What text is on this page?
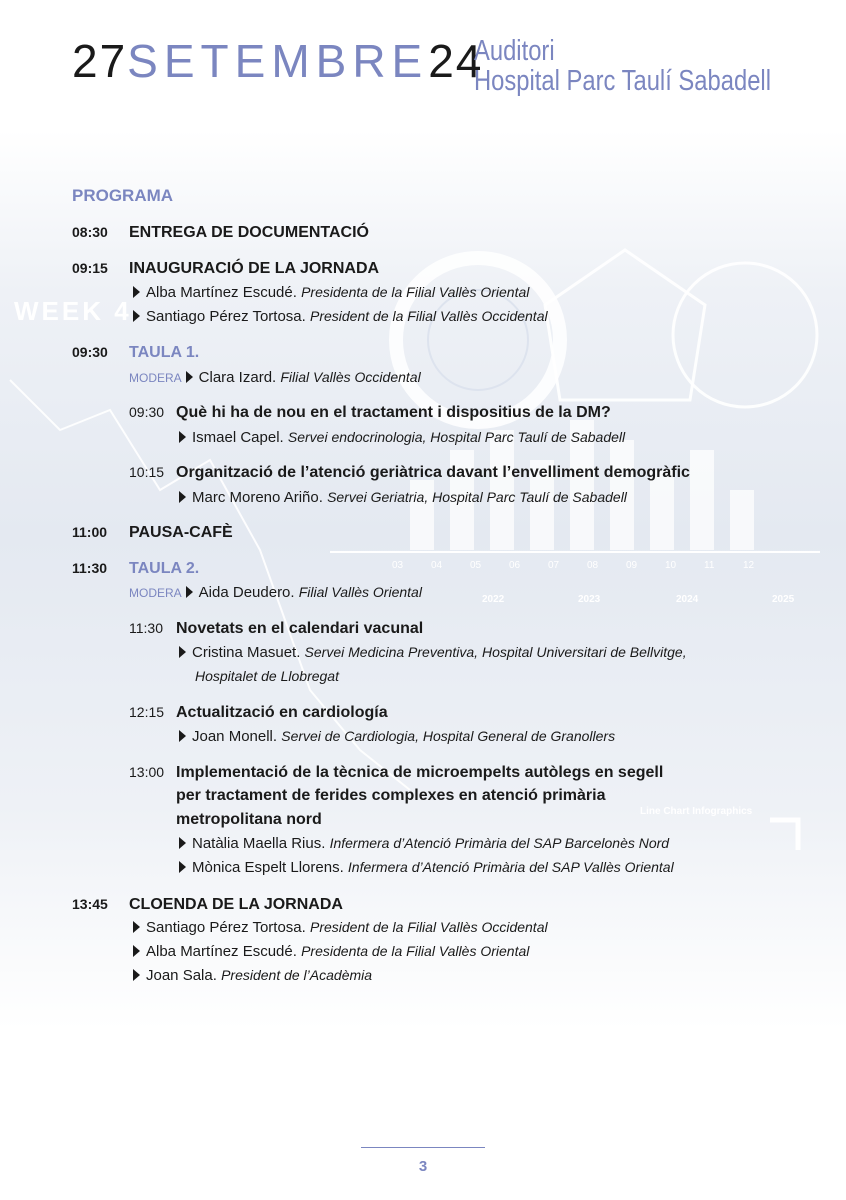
27SETEMBRE24
Auditori
Hospital Parc Taulí Sabadell
WEEK 4
03	04	05	06	07	08	09	10	11	12
2022	2023	2024	2025
Line Chart Infographics
PROGRAMA
08:30 ENTREGA DE DOCUMENTACIÓ
09:15 INAUGURACIÓ DE LA JORNADA
Alba Martínez Escudé. Presidenta de la Filial Vallès Oriental
Santiago Pérez Tortosa. President de la Filial Vallès Occidental
09:30 TAULA 1.
MODERA Clara Izard. Filial Vallès Occidental
09:30 Què hi ha de nou en el tractament i dispositius de la DM?
Ismael Capel. Servei endocrinologia, Hospital Parc Taulí de Sabadell
10:15 Organització de l’atenció geriàtrica davant l’envelliment demogràfic
Marc Moreno Ariño. Servei Geriatria, Hospital Parc Taulí de Sabadell
11:00 PAUSA-CAFÈ
11:30 TAULA 2.
MODERA Aida Deudero. Filial Vallès Oriental
11:30 Novetats en el calendari vacunal
Cristina Masuet. Servei Medicina Preventiva, Hospital Universitari de Bellvitge,
Hospitalet de Llobregat
12:15 Actualització en cardiología
Joan Monell. Servei de Cardiologia, Hospital General de Granollers
13:00 Implementació de la tècnica de microempelts autòlegs en segell
per tractament de ferides complexes en atenció primària
metropolitana nord
Natàlia Maella Rius. Infermera d’Atenció Primària del SAP Barcelonès Nord
Mònica Espelt Llorens. Infermera d’Atenció Primària del SAP Vallès Oriental
13:45 CLOENDA DE LA JORNADA
Santiago Pérez Tortosa. President de la Filial Vallès Occidental
Alba Martínez Escudé. Presidenta de la Filial Vallès Oriental
Joan Sala. President de l’Acadèmia
3
